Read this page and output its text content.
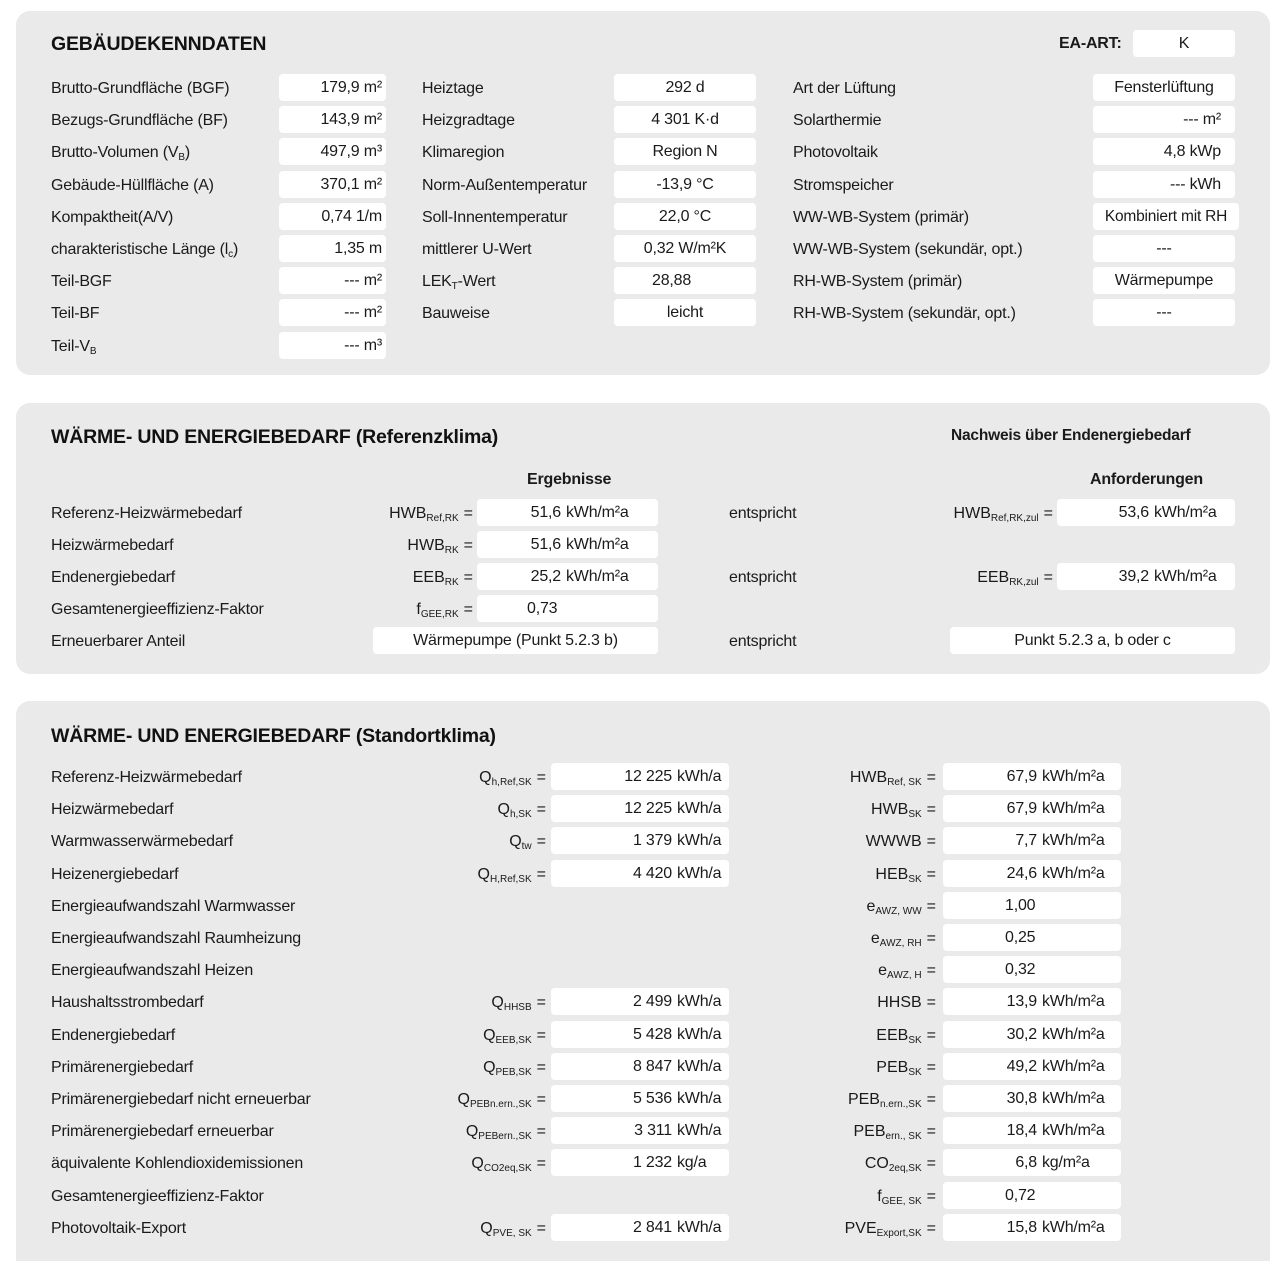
GEBÄUDEKENNDATEN	EA-ART:	K
Brutto-Grundfläche (BGF)	179,9 m²
Bezugs-Grundfläche (BF)	143,9 m²
Brutto-Volumen $(V_B)$	497,9 m³
Gebäude-Hüllfläche (A)	370,1 m²
Kompaktheit(A/V)	0,74 1/m
charakteristische Länge $(l_c)$	1,35 m
Teil-BGF	--- m²
Teil-BF	--- m²
Teil-$V_B$	--- m³
Heiztage	292 d
Heizgradtage	4 301 K·d
Klimaregion	Region N
Norm-Außentemperatur	-13,9 °C
Soll-Innentemperatur	22,0 °C
mittlerer U-Wert	0,32 W/m²K
$LEK_T$-Wert	28,88
Bauweise	leicht
Art der Lüftung	Fensterlüftung
Solarthermie	--- m²
Photovoltaik	4,8 kWp
Stromspeicher	--- kWh
WW-WB-System (primär)	Kombiniert mit RH
WW-WB-System (sekundär, opt.)	---
RH-WB-System (primär)	Wärmepumpe
RH-WB-System (sekundär, opt.)	---
WÄRME- UND ENERGIEBEDARF (Referenzklima)	Nachweis über Endenergiebedarf
Ergebnisse	Anforderungen
Referenz-Heizwärmebedarf	$HWB_{Ref,RK}$ =	51,6 kWh/m²a	entspricht	$HWB_{Ref,RK,zul}$ =	53,6 kWh/m²a
Heizwärmebedarf	$HWB_{RK}$ =	51,6 kWh/m²a
Endenergiebedarf	$EEB_{RK}$ =	25,2 kWh/m²a	entspricht	$EEB_{RK,zul}$ =	39,2 kWh/m²a
Gesamtenergieeffizienz-Faktor	$f_{GEE,RK}$ =	0,73
Erneuerbarer Anteil	Wärmepumpe (Punkt 5.2.3 b)	entspricht	Punkt 5.2.3 a, b oder c
WÄRME- UND ENERGIEBEDARF (Standortklima)
Referenz-Heizwärmebedarf	$Q_{h,Ref,SK}$ =	12 225 kWh/a	$HWB_{Ref, SK}$ =	67,9 kWh/m²a
Heizwärmebedarf	$Q_{h,SK}$ =	12 225 kWh/a	$HWB_{SK}$ =	67,9 kWh/m²a
Warmwasserwärmebedarf	$Q_{tw}$ =	1 379 kWh/a	WWWB =	7,7 kWh/m²a
Heizenergiebedarf	$Q_{H,Ref,SK}$ =	4 420 kWh/a	$HEB_{SK}$ =	24,6 kWh/m²a
Energieaufwandszahl Warmwasser	$e_{AWZ, WW}$ =	1,00
Energieaufwandszahl Raumheizung	$e_{AWZ, RH}$ =	0,25
Energieaufwandszahl Heizen	$e_{AWZ, H}$ =	0,32
Haushaltsstrombedarf	$Q_{HHSB}$ =	2 499 kWh/a	HHSB =	13,9 kWh/m²a
Endenergiebedarf	$Q_{EEB,SK}$ =	5 428 kWh/a	$EEB_{SK}$ =	30,2 kWh/m²a
Primärenergiebedarf	$Q_{PEB,SK}$ =	8 847 kWh/a	$PEB_{SK}$ =	49,2 kWh/m²a
Primärenergiebedarf nicht erneuerbar	$Q_{PEBn.ern.,SK}$ =	5 536 kWh/a	$PEB_{n.ern.,SK}$ =	30,8 kWh/m²a
Primärenergiebedarf erneuerbar	$Q_{PEBern.,SK}$ =	3 311 kWh/a	$PEB_{ern., SK}$ =	18,4 kWh/m²a
äquivalente Kohlendioxidemissionen	$Q_{CO2eq,SK}$ =	1 232 kg/a	$CO_{2eq,SK}$ =	6,8 kg/m²a
Gesamtenergieeffizienz-Faktor	$f_{GEE, SK}$ =	0,72
Photovoltaik-Export	$Q_{PVE, SK}$ =	2 841 kWh/a	$PVE_{Export,SK}$ =	15,8 kWh/m²a
